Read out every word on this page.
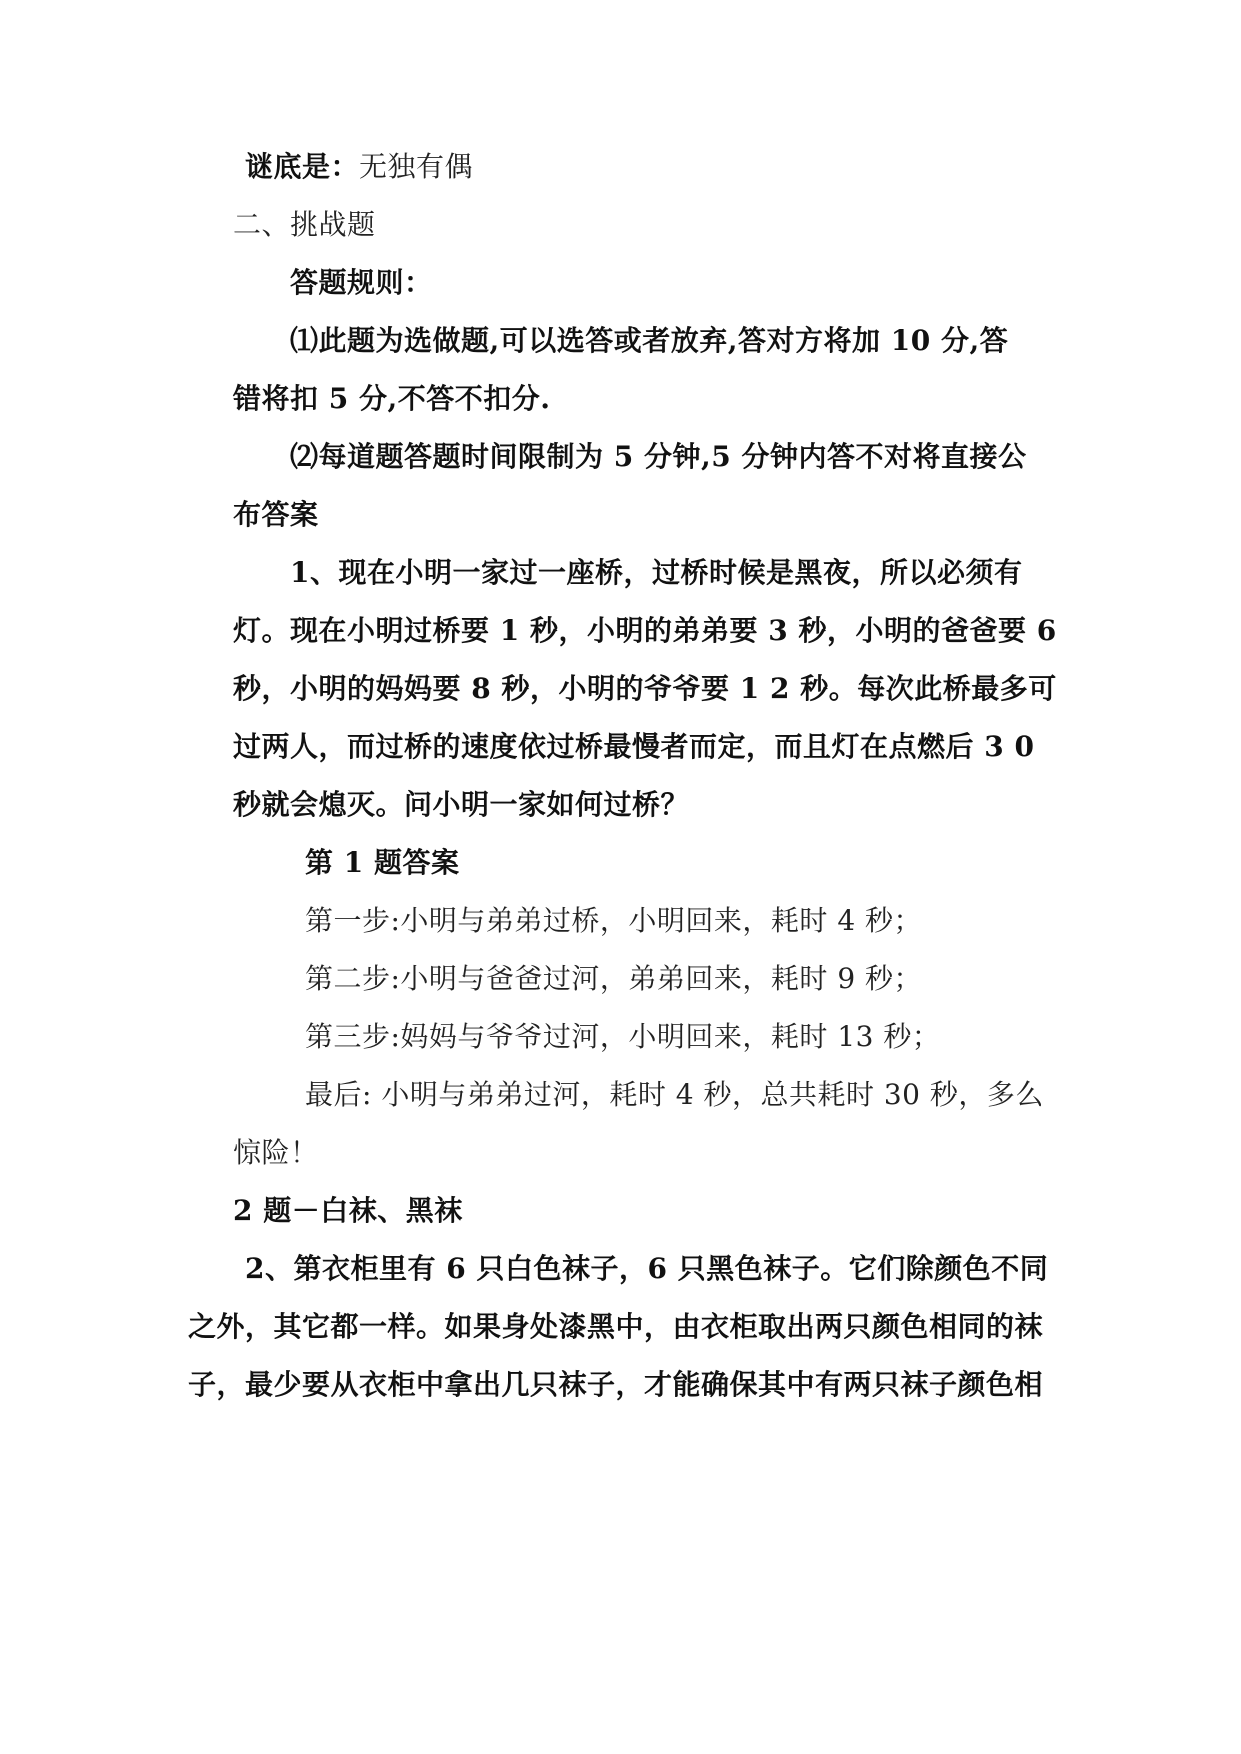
谜底是：无独有偶
二、挑战题
答题规则：
⑴此题为选做题,可以选答或者放弃,答对方将加 10 分,答
错将扣 5 分,不答不扣分.
⑵每道题答题时间限制为 5 分钟,5 分钟内答不对将直接公
布答案
1、现在小明一家过一座桥，过桥时候是黑夜，所以必须有
灯。现在小明过桥要 1 秒，小明的弟弟要 3 秒，小明的爸爸要 6
秒，小明的妈妈要 8 秒，小明的爷爷要 1 2 秒。每次此桥最多可
过两人，而过桥的速度依过桥最慢者而定，而且灯在点燃后 3 0
秒就会熄灭。问小明一家如何过桥？
第 1 题答案
第一步:小明与弟弟过桥，小明回来，耗时 4 秒；
第二步:小明与爸爸过河，弟弟回来，耗时 9 秒；
第三步:妈妈与爷爷过河，小明回来，耗时 13 秒；
最后: 小明与弟弟过河，耗时 4 秒，总共耗时 30 秒，多么
惊险！
2 题－白袜、黑袜
2、第衣柜里有 6 只白色袜子，6 只黑色袜子。它们除颜色不同
之外，其它都一样。如果身处漆黑中，由衣柜取出两只颜色相同的袜
子，最少要从衣柜中拿出几只袜子，才能确保其中有两只袜子颜色相
